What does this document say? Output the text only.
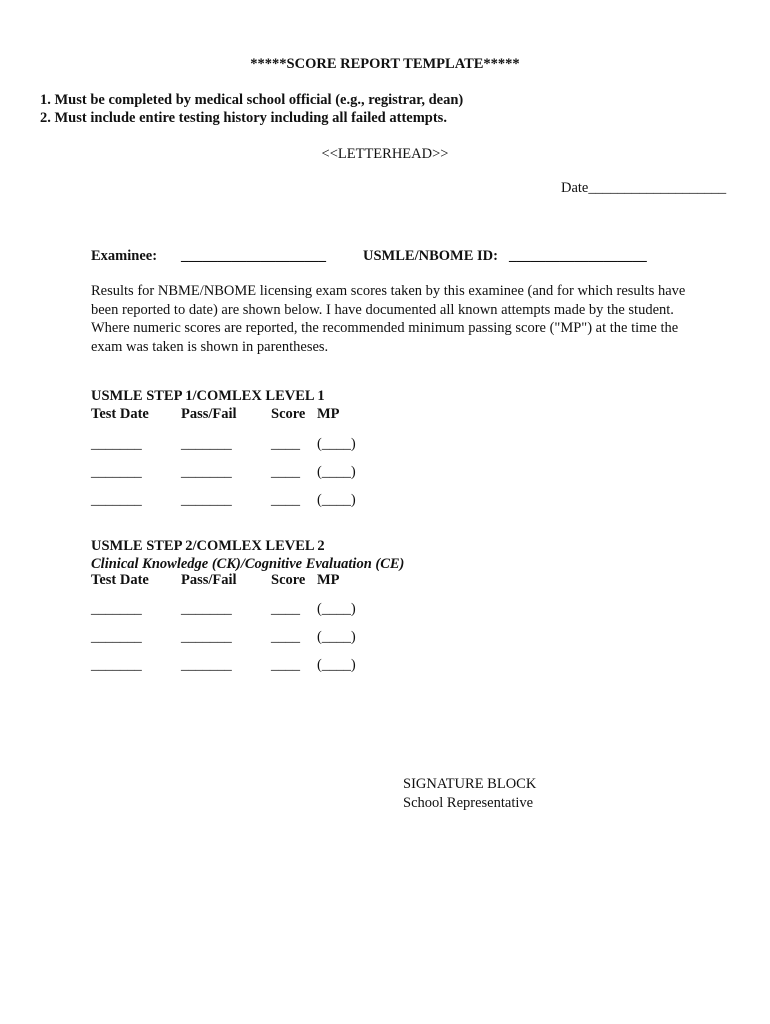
*****SCORE REPORT TEMPLATE*****
1. Must be completed by medical school official (e.g., registrar, dean)
2. Must include entire testing history including all failed attempts.
<<LETTERHEAD>>
Date___________________
Examinee: ____________________	USMLE/NBOME ID: ___________________
Results for NBME/NBOME licensing exam scores taken by this examinee (and for which results have been reported to date) are shown below. I have documented all known attempts made by the student. Where numeric scores are reported, the recommended minimum passing score ("MP") at the time the exam was taken is shown in parentheses.
USMLE STEP 1/COMLEX LEVEL 1
Test Date Pass/Fail Score MP
_______	_______	____ (____)
_______	_______	____ (____)
_______	_______	____ (____)
USMLE STEP 2/COMLEX LEVEL 2
Clinical Knowledge (CK)/Cognitive Evaluation (CE)
Test Date Pass/Fail Score MP
_______	_______	____ (____)
_______	_______	____ (____)
_______	_______	____ (____)
SIGNATURE BLOCK
School Representative
